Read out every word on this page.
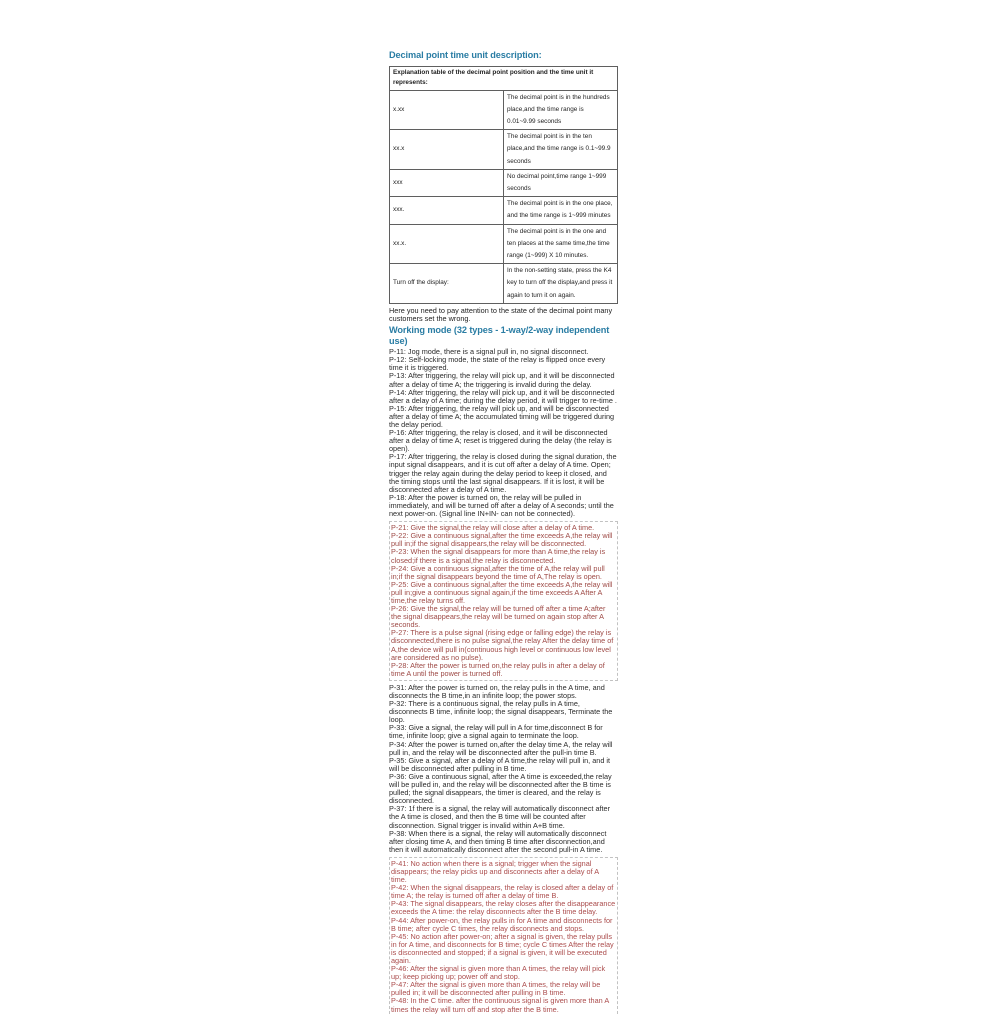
Decimal point time unit description:
Explanation table of the decimal point position and the time unit it represents:	
x.xx	The decimal point is in the hundreds place,and the time range is 0.01~9.99 seconds
xx.x	The decimal point is in the ten place,and the time range is 0.1~99.9 seconds
xxx	No decimal point,time range 1~999 seconds
xxx.	The decimal point is in the one place, and the time range is 1~999 minutes
xx.x.	The decimal point is in the one and ten places at the same time,the time range (1~999) X 10 minutes.
Turn off the display:	In the non-setting state, press the K4 key to turn off the display,and press it again to turn it on again.
Here you need to pay attention to the state of the decimal point many customers set the wrong.
Working mode (32 types - 1-way/2-way independent use)
P-11: Jog mode, there is a signal pull in, no signal disconnect.
P-12: Self-locking mode, the state of the relay is flipped once every time it is triggered.
P-13: After triggering, the relay will pick up, and it will be disconnected after a delay of time A; the triggering is invalid during the delay.
P-14: After triggering, the relay will pick up, and it will be disconnected after a delay of A time; during the delay period, it will trigger to re-time .
P-15: After triggering, the relay will pick up, and will be disconnected after a delay of time A; the accumulated timing will be triggered during the delay period.
P-16: After triggering, the relay is closed, and it will be disconnected after a delay of time A; reset is triggered during the delay (the relay is open).
P-17: After triggering, the relay is closed during the signal duration, the input signal disappears, and it is cut off after a delay of A time. Open; trigger the relay again during the delay period to keep it closed, and the timing stops until the last signal disappears. If it is lost, it will be disconnected after a delay of A time.
P-18: After the power is turned on, the relay will be pulled in immediately, and will be turned off after a delay of A seconds; until the next power-on. (Signal line IN+IN- can not be connected).
P-21: Give the signal,the relay will close after a delay of A time.
P-22: Give a continuous signal,after the time exceeds A,the relay will pull in;if the signal disappears,the relay will be disconnected.
P-23: When the signal disappears for more than A time,the relay is closed;if there is a signal,the relay is disconnected.
P-24: Give a continuous signal,after the time of A,the relay will pull in;if the signal disappears beyond the time of A,The relay is open.
P-25: Give a continuous signal,after the time exceeds A,the relay will pull in;give a continuous signal again,if the time exceeds A After A time,the relay turns off.
P-26: Give the signal,the relay will be turned off after a time A;after the signal disappears,the relay will be turned on again stop after A seconds.
P-27: There is a pulse signal (rising edge or falling edge) the relay is disconnected,there is no pulse signal,the relay After the delay time of A,the device will pull in(continuous high level or continuous low level are considered as no pulse).
P-28: After the power is turned on,the relay pulls in after a delay of time A until the power is turned off.
P-31: After the power is turned on, the relay pulls in the A time, and disconnects the B time,in an infinite loop; the power stops.
P-32: There is a continuous signal, the relay pulls in A time, disconnects B time, infinite loop; the signal disappears, Terminate the loop.
P-33: Give a signal, the relay will pull in A for time,disconnect B for time, infinite loop; give a signal again to terminate the loop.
P-34: After the power is turned on,after the delay time A, the relay will pull in, and the relay will be disconnected after the pull-in time B.
P-35: Give a signal, after a delay of A time,the relay will pull in, and it will be disconnected after pulling in B time.
P-36: Give a continuous signal, after the A time is exceeded,the relay will be pulled in, and the relay will be disconnected after the B time is pulled; the signal disappears, the timer is cleared, and the relay is disconnected.
P-37: 1f there is a signal, the relay will automatically disconnect after the A time is closed, and then the B time will be counted after disconnection. Signal trigger is invalid within A+B time.
P-38: When there is a signal, the relay will automatically disconnect after closing time A, and then timing B time after disconnection,and then it will automatically disconnect after the second pull-in A time.
P-41: No action when there is a signal; trigger when the signal disappears; the relay picks up and disconnects after a delay of A time.
P-42: When the signal disappears, the relay is closed after a delay of time A; the relay is turned off after a delay of time B.
P-43: The signal disappears, the relay closes after the disappearance exceeds the A time: the relay disconnects after the B time delay.
P-44: After power-on, the relay pulls in for A time and disconnects for B time; after cycle C times, the relay disconnects and stops.
P-45: No action after power-on; after a signal is given, the relay pulls in for A time, and disconnects for B time; cycle C times After the relay is disconnected and stopped; if a signal is given, it will be executed again.
P-46: After the signal is given more than A times, the relay will pick up; keep picking up; power off and stop.
P-47: After the signal is given more than A times, the relay will be pulled in; it will be disconnected after pulling in B time.
P-48: In the C time. after the continuous signal is given more than A times the relay will turn off and stop after the B time.
